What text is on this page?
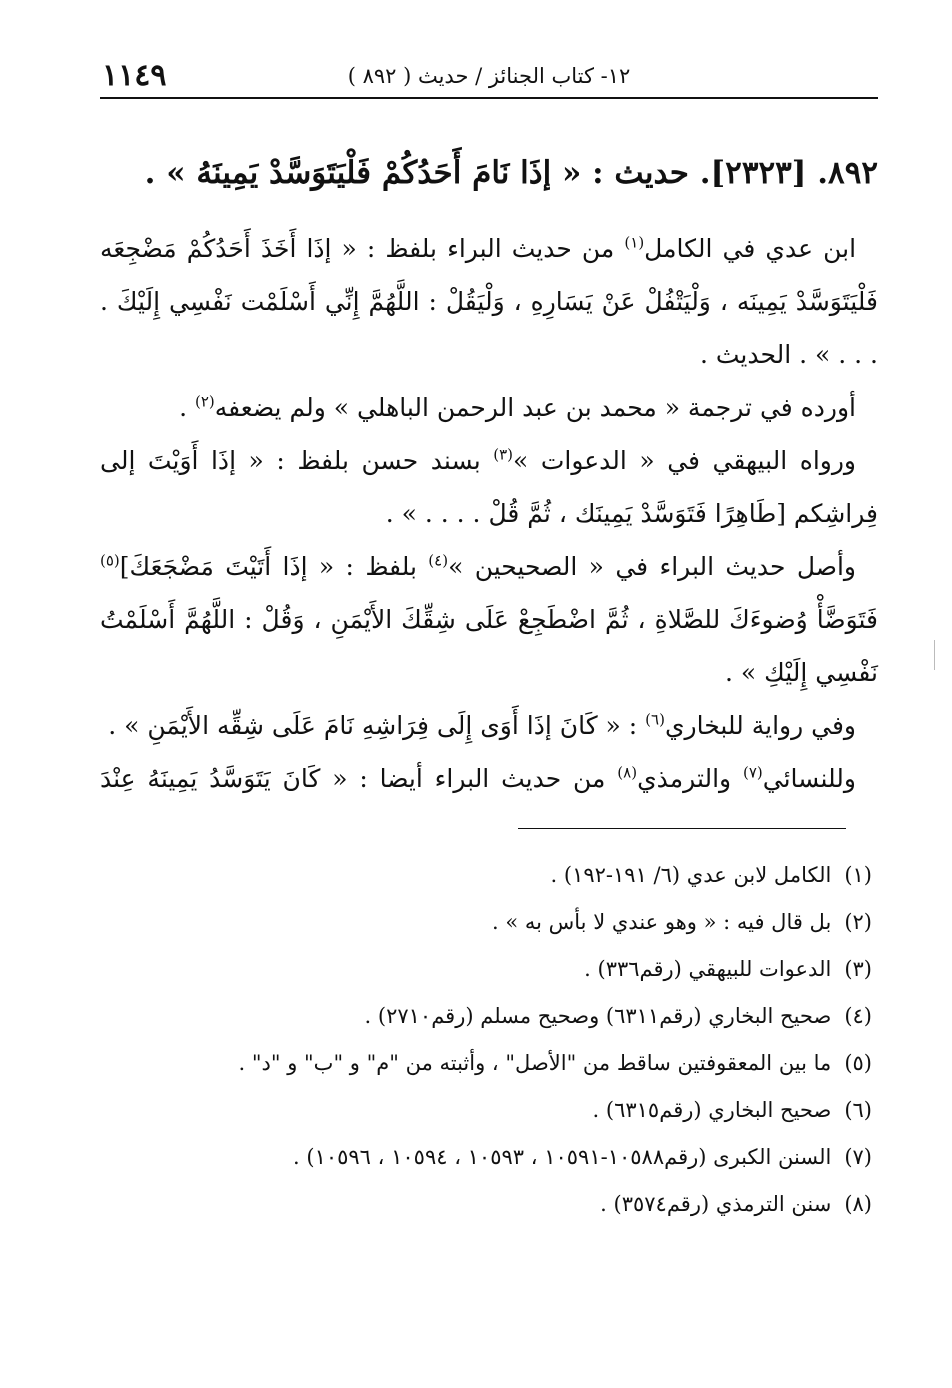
١١٤٩	١٢- كتاب الجنائز / حديث ( ٨٩٢ )
٨٩٢. [٢٣٢٣]. حديث : « إذَا نَامَ أَحَدُكُمْ فَلْيَتَوَسَّدْ يَمِينَهُ » .

ابن عدي في الكامل$^{(١)}$ من حديث البراء بلفظ : « إذَا أَخَذَ أَحَدُكُمْ مَضْجِعَه فَلْيَتَوَسَّدْ يَمِينَه ، وَلْيَتْفُلْ عَنْ يَسَارِهِ ، وَلْيَقُلْ : اللَّهُمَّ إِنِّي أَسْلَمْت نَفْسِي إِلَيْكَ . . . . » . الحديث .

أورده في ترجمة « محمد بن عبد الرحمن الباهلي » ولم يضعفه$^{(٢)}$ .

ورواه البيهقي في « الدعوات »$^{(٣)}$ بسند حسن بلفظ : « إذَا أَوَيْتَ إلى فِراشِكم [طَاهِرًا فَتَوَسَّدْ يَمِينَك ، ثُمَّ قُلْ . . . . » .

وأصل حديث البراء في « الصحيحين »$^{(٤)}$ بلفظ : « إذَا أَتَيْتَ مَضْجَعَكَ]$^{(٥)}$ فَتَوَضَّأْ وُضوءَكَ للصَّلاةِ ، ثُمَّ اضْطَجِعْ عَلَى شِقِّكَ الأَيْمَنِ ، وَقُلْ : اللَّهُمَّ أَسْلَمْتُ نَفْسِي إِلَيْكِ » .

وفي رواية للبخاري$^{(٦)}$ : « كَانَ إذَا أَوَى إِلَى فِرَاشِهِ نَامَ عَلَى شِقِّه الأَيْمَنِ » .

وللنسائي$^{(٧)}$ والترمذي$^{(٨)}$ من حديث البراء أيضا : « كَانَ يَتَوَسَّدُ يَمِينَهُ عِنْدَ

(١) الكامل لابن عدي (٦/ ١٩١-١٩٢) .
(٢) بل قال فيه : « وهو عندي لا بأس به » .
(٣) الدعوات للبيهقي (رقم٣٣٦) .
(٤) صحيح البخاري (رقم٦٣١١) وصحيح مسلم (رقم٢٧١٠) .
(٥) ما بين المعقوفتين ساقط من "الأصل" ، وأثبته من "م" و "ب" و "د" .
(٦) صحيح البخاري (رقم٦٣١٥) .
(٧) السنن الكبرى (رقم١٠٥٨٨-١٠٥٩١ ، ١٠٥٩٣ ، ١٠٥٩٤ ، ١٠٥٩٦) .
(٨) سنن الترمذي (رقم٣٥٧٤) .
